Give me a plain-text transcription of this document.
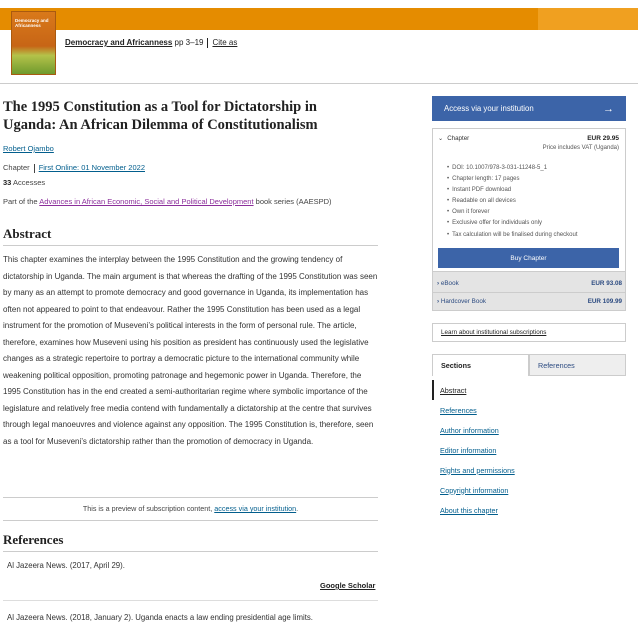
Democracy and Africanness
Democracy and Africanness pp 3–19 Cite as
The 1995 Constitution as a Tool for Dictatorship in Uganda: An African Dilemma of Constitutionalism
Robert Ojambo
Chapter First Online: 01 November 2022
33 Accesses
Part of the Advances in African Economic, Social and Political Development book series (AAESPD)
Abstract

This chapter examines the interplay between the 1995 Constitution and the growing tendency of dictatorship in Uganda. The main argument is that whereas the drafting of the 1995 Constitution was seen by many as an attempt to promote democracy and good governance in Uganda, its implementation has often not appeared to point to that endeavour. Rather the 1995 Constitution has been used as a legal instrument for the promotion of Museveni’s political interests in the form of personal rule. The article, therefore, examines how Museveni using his position as president has continuously used the legislative changes as a strategic repertoire to portray a democratic picture to the international community while weakening political opposition, promoting patronage and hegemonic power in Uganda. Therefore, the 1995 Constitution has in the end created a semi-authoritarian regime where symbolic importance of the legislature and relatively free media contend with fundamentally a dictatorship at the centre that survives through legal manoeuvres and violence against any opposition. The 1995 Constitution is, therefore, seen as a tool for Museveni’s dictatorship rather than the promotion of democracy in Uganda.

This is a preview of subscription content, access via your institution.
References
Al Jazeera News. (2017, April 29).
Google Scholar
Al Jazeera News. (2018, January 2). Uganda enacts a law ending presidential age limits.
Access via your institution	→
⌄ Chapter	EUR 29.95
Price includes VAT (Uganda)
• DOI: 10.1007/978-3-031-11248-5_1
• Chapter length: 17 pages
• Instant PDF download
• Readable on all devices
• Own it forever
• Exclusive offer for individuals only
• Tax calculation will be finalised during checkout
Buy Chapter
› eBook	EUR 93.08
› Hardcover Book	EUR 109.99
Learn about institutional subscriptions
Sections	References
Abstract
References
Author information
Editor information
Rights and permissions
Copyright information
About this chapter
